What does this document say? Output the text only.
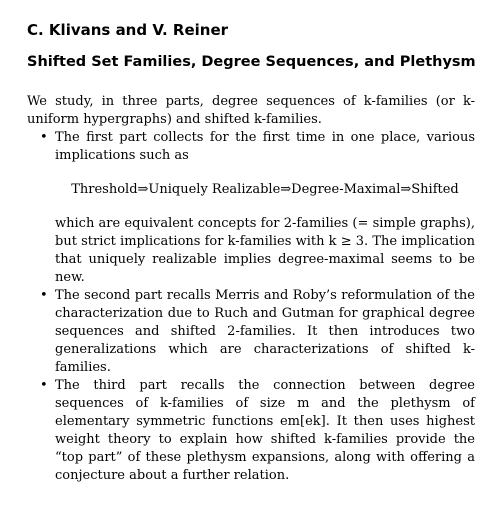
C. Klivans and V. Reiner
Shifted Set Families, Degree Sequences, and Plethysm

We study, in three parts, degree sequences of k-families (or k-uniform hypergraphs) and shifted k-families.

• The first part collects for the first time in one place, various implications such as

Threshold⇒Uniquely Realizable⇒Degree-Maximal⇒Shifted

which are equivalent concepts for 2-families (= simple graphs), but strict implications for k-families with k ≥ 3. The implication that uniquely realizable implies degree-maximal seems to be new.

• The second part recalls Merris and Roby’s reformulation of the characterization due to Ruch and Gutman for graphical degree sequences and shifted 2-families. It then introduces two generalizations which are characterizations of shifted k-families.

• The third part recalls the connection between degree sequences of k-families of size m and the plethysm of elementary symmetric functions em[ek]. It then uses highest weight theory to explain how shifted k-families provide the “top part” of these plethysm expansions, along with offering a conjecture about a further relation.
